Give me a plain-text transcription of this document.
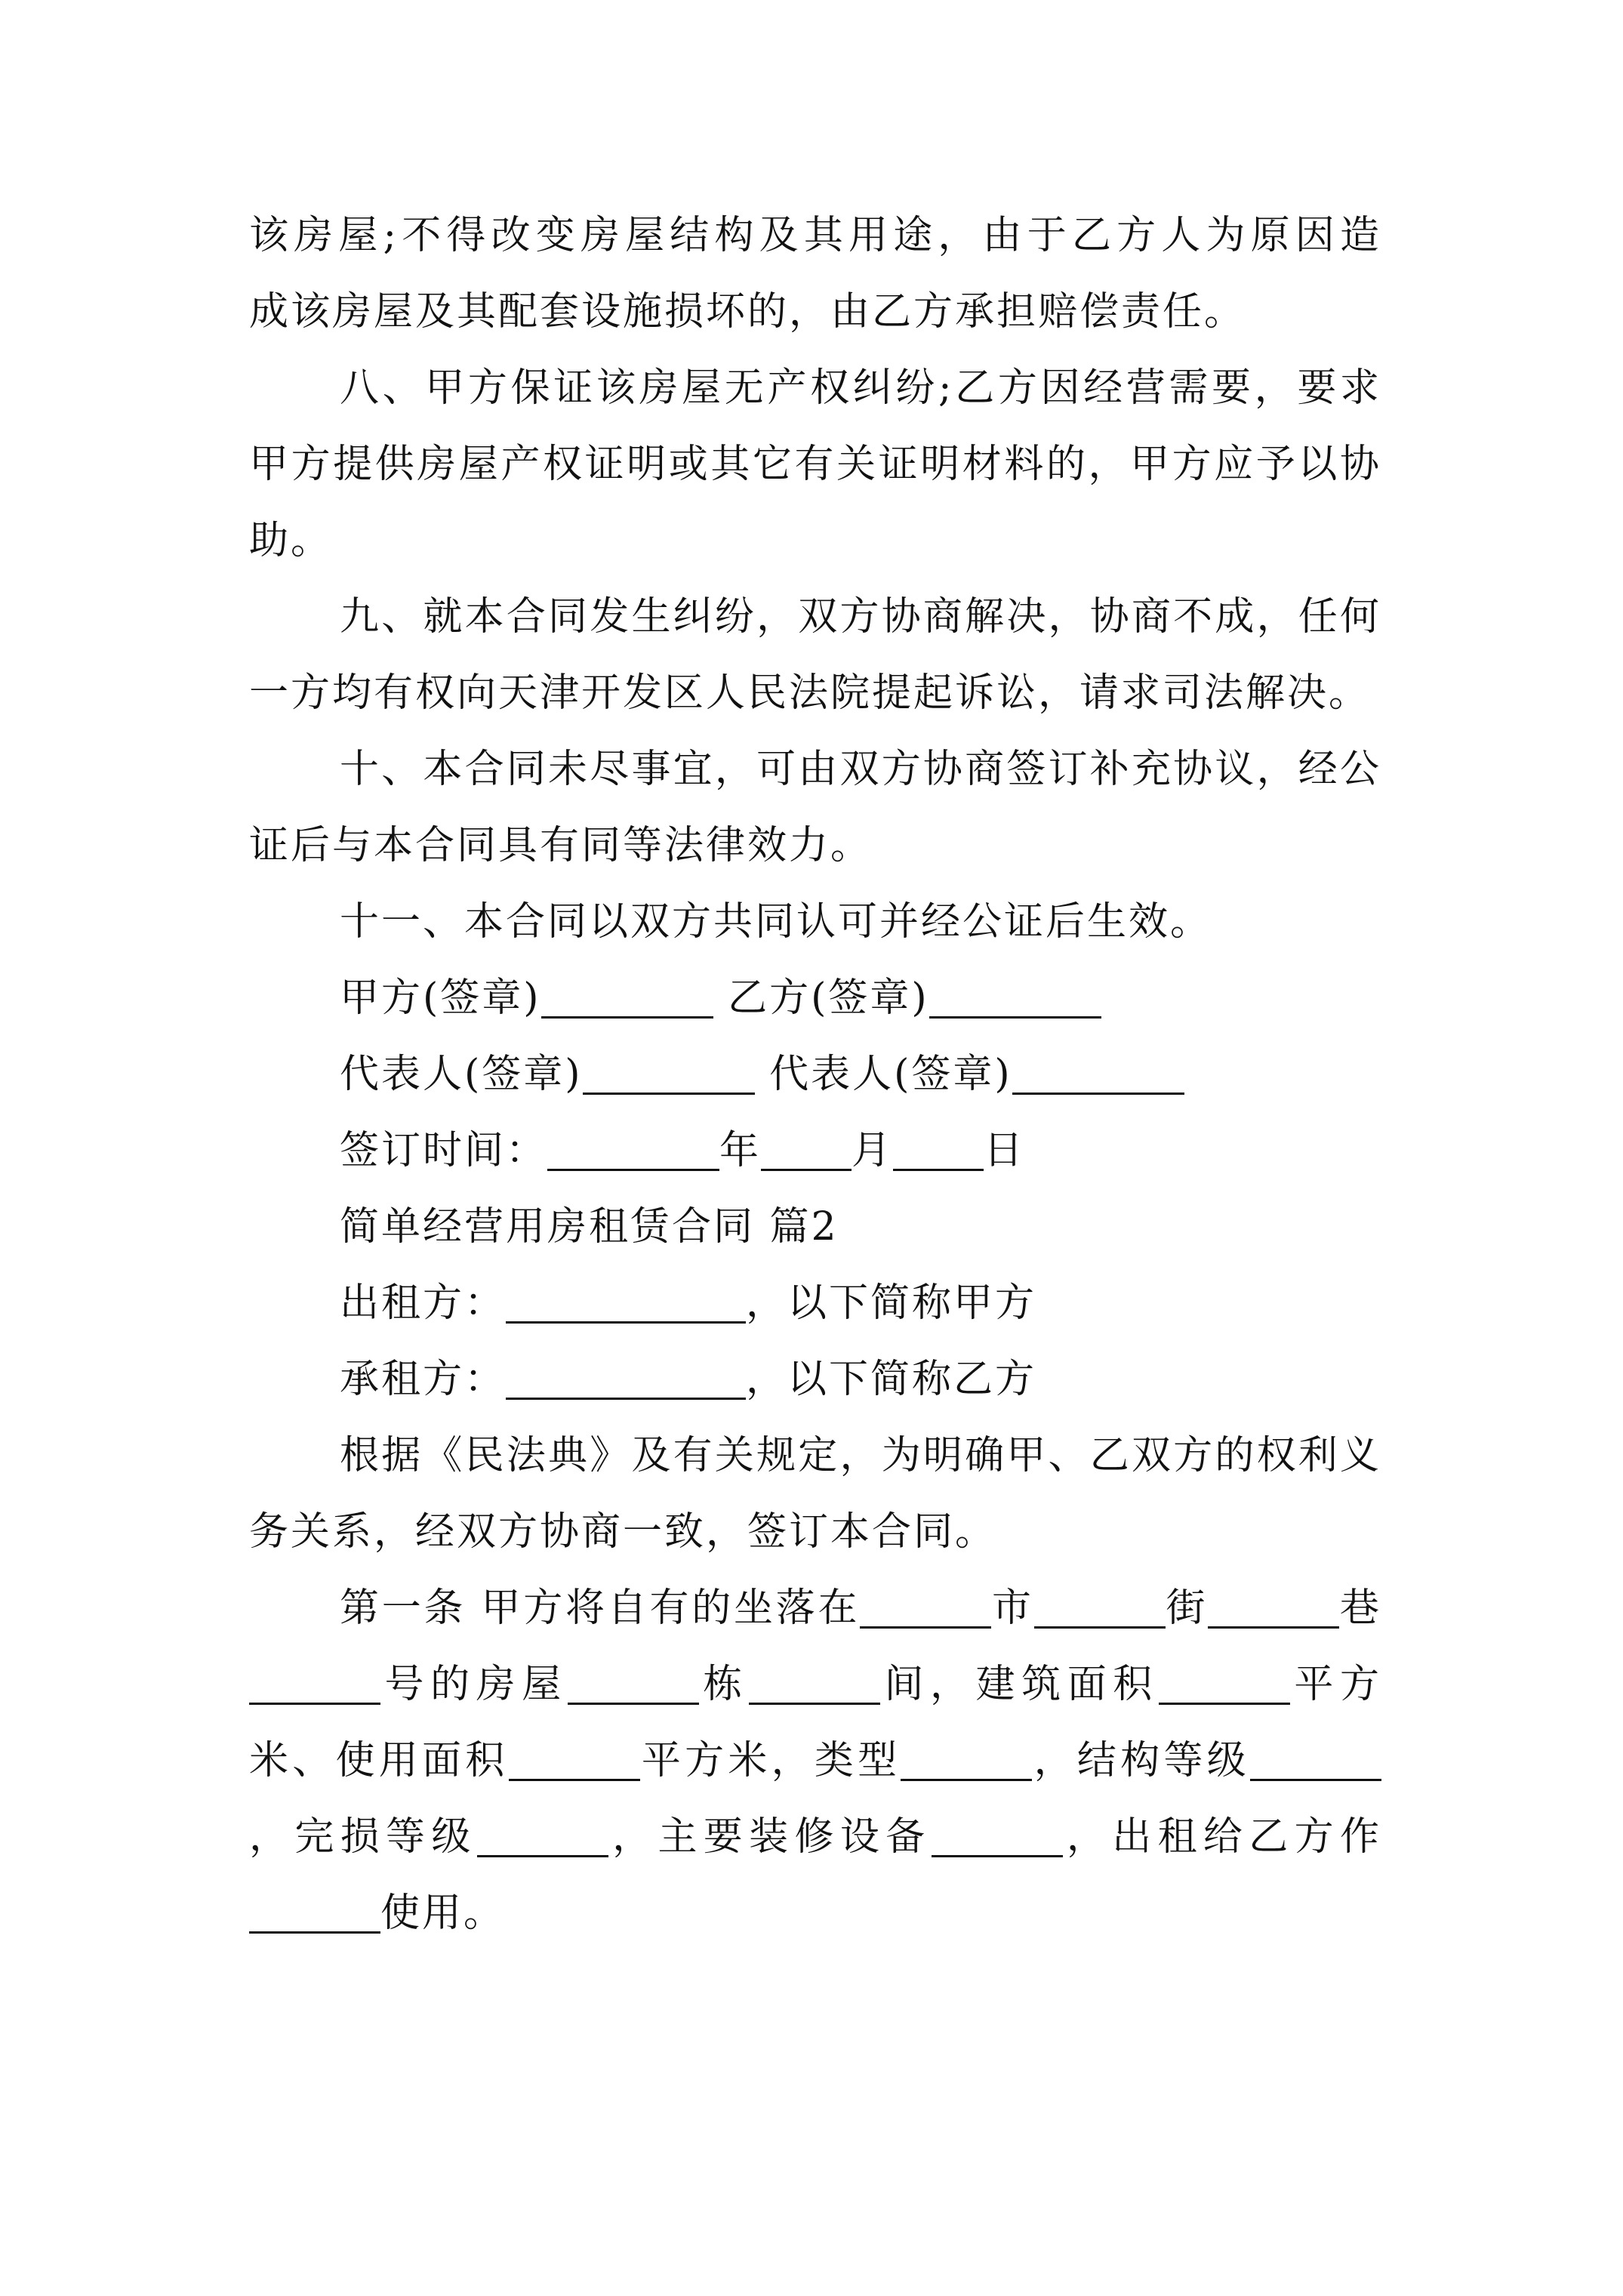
该房屋;不得改变房屋结构及其用途，由于乙方人为原因造

成该房屋及其配套设施损坏的，由乙方承担赔偿责任。

八、甲方保证该房屋无产权纠纷;乙方因经营需要，要求甲方提供房屋产权证明或其它有关证明材料的，甲方应予以协助。

九、就本合同发生纠纷，双方协商解决，协商不成，任何一方均有权向天津开发区人民法院提起诉讼，请求司法解决。

十、本合同未尽事宜，可由双方协商签订补充协议，经公证后与本合同具有同等法律效力。

十一、本合同以双方共同认可并经公证后生效。

甲方(签章)	乙方(签章)

代表人(签章)	代表人(签章)

签订时间：	年 月 日

简单经营用房租赁合同 篇2

出租方：	，以下简称甲方

承租方：	，以下简称乙方

根据《民法典》及有关规定，为明确甲、乙双方的权利义务关系，经双方协商一致，签订本合同。

第一条 甲方将自有的坐落在	市	街	巷号的房屋	栋	间，建筑面积	平方米、使用面积	平方米，类型	，结构等级，完损等级	，主要装修设备	，出租给乙方作使用。
